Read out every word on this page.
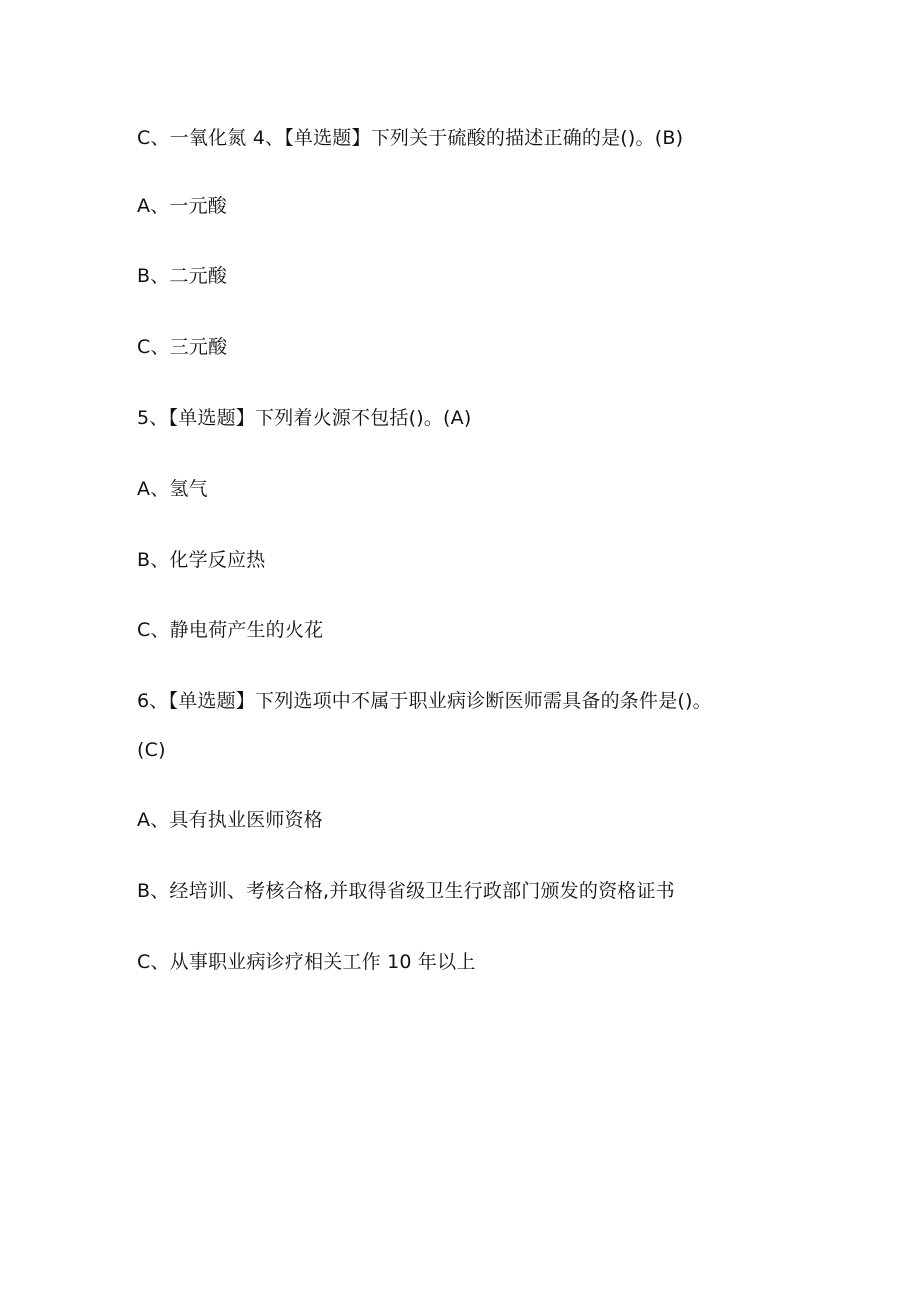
C、一氧化氮 4、【单选题】下列关于硫酸的描述正确的是()。(B)
A、一元酸
B、二元酸
C、三元酸
5、【单选题】下列着火源不包括()。(A)
A、氢气
B、化学反应热
C、静电荷产生的火花
6、【单选题】下列选项中不属于职业病诊断医师需具备的条件是()。
(C)
A、具有执业医师资格
B、经培训、考核合格,并取得省级卫生行政部门颁发的资格证书
C、从事职业病诊疗相关工作 10 年以上
